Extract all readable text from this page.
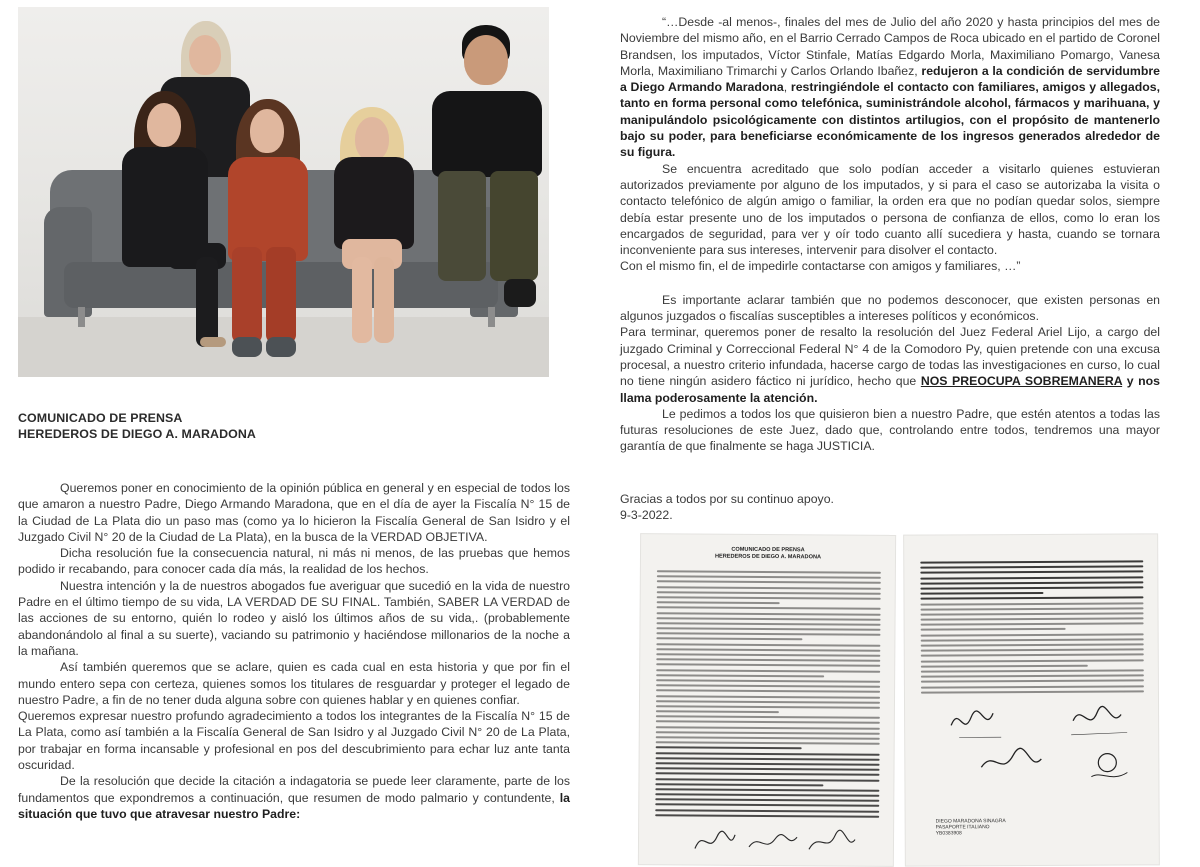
COMUNICADO DE PRENSA
HEREDEROS DE DIEGO A. MARADONA

Queremos poner en conocimiento de la opinión pública en general y en especial de todos los que amaron a nuestro Padre, Diego Armando Maradona, que en el día de ayer la Fiscalía N° 15 de la Ciudad de La Plata dio un paso mas (como ya lo hicieron la Fiscalía General de San Isidro y el Juzgado Civil N° 20 de la Ciudad de La Plata), en la busca de la VERDAD OBJETIVA.

Dicha resolución fue la consecuencia natural, ni más ni menos, de las pruebas que hemos podido ir recabando, para conocer cada día más, la realidad de los hechos.

Nuestra intención y la de nuestros abogados fue averiguar que sucedió en la vida de nuestro Padre en el último tiempo de su vida, LA VERDAD DE SU FINAL. También, SABER LA VERDAD de las acciones de su entorno, quién lo rodeo y aisló los últimos años de su vida,. (probablemente abandonándolo al final a su suerte), vaciando su patrimonio y haciéndose millonarios de la noche a la mañana.

Así también queremos que se aclare, quien es cada cual en esta historia y que por fin el mundo entero sepa con certeza, quienes somos los titulares de resguardar y proteger el legado de nuestro Padre, a fin de no tener duda alguna sobre con quienes hablar y en quienes confiar.

Queremos expresar nuestro profundo agradecimiento a todos los integrantes de la Fiscalía N° 15 de La Plata, como así también a la Fiscalía General de San Isidro y al Juzgado Civil N° 20 de La Plata, por trabajar en forma incansable y profesional en pos del descubrimiento para echar luz ante tanta oscuridad.

De la resolución que decide la citación a indagatoria se puede leer claramente, parte de los fundamentos que expondremos a continuación, que resumen de modo palmario y contundente, la situación que tuvo que atravesar nuestro Padre:

“…Desde -al menos-, finales del mes de Julio del año 2020 y hasta principios del mes de Noviembre del mismo año, en el Barrio Cerrado Campos de Roca ubicado en el partido de Coronel Brandsen, los imputados, Víctor Stinfale, Matías Edgardo Morla, Maximiliano Pomargo, Vanesa Morla, Maximiliano Trimarchi y Carlos Orlando Ibañez, redujeron a la condición de servidumbre a Diego Armando Maradona, restringiéndole el contacto con familiares, amigos y allegados, tanto en forma personal como telefónica, suministrándole alcohol, fármacos y marihuana, y manipulándolo psicológicamente con distintos artilugios, con el propósito de mantenerlo bajo su poder, para beneficiarse económicamente de los ingresos generados alrededor de su figura.

Se encuentra acreditado que solo podían acceder a visitarlo quienes estuvieran autorizados previamente por alguno de los imputados, y si para el caso se autorizaba la visita o contacto telefónico de algún amigo o familiar, la orden era que no podían quedar solos, siempre debía estar presente uno de los imputados o persona de confianza de ellos, como lo eran los encargados de seguridad, para ver y oír todo cuanto allí sucediera y hasta, cuando se tornara inconveniente para sus intereses, intervenir para disolver el contacto.

Con el mismo fin, el de impedirle contactarse con amigos y familiares, …”

Es importante aclarar también que no podemos desconocer, que existen personas en algunos juzgados o fiscalías susceptibles a intereses políticos y económicos.

Para terminar, queremos poner de resalto la resolución del Juez Federal Ariel Lijo, a cargo del juzgado Criminal y Correccional Federal N° 4 de la Comodoro Py, quien pretende con una excusa procesal, a nuestro criterio infundada, hacerse cargo de todas las investigaciones en curso, lo cual no tiene ningún asidero fáctico ni jurídico, hecho que NOS PREOCUPA SOBREMANERA y nos llama poderosamente la atención.

Le pedimos a todos los que quisieron bien a nuestro Padre, que estén atentos a todas las futuras resoluciones de este Juez, dado que, controlando entre todos, tendremos una mayor garantía de que finalmente se haga JUSTICIA.

Gracias a todos por su continuo apoyo.
9-3-2022.
COMUNICADO DE PRENSA
HEREDEROS DE DIEGO A. MARADONA
DIEGO MARADONA SINAGRA
PASAPORTE ITALIANO
YB0383908
